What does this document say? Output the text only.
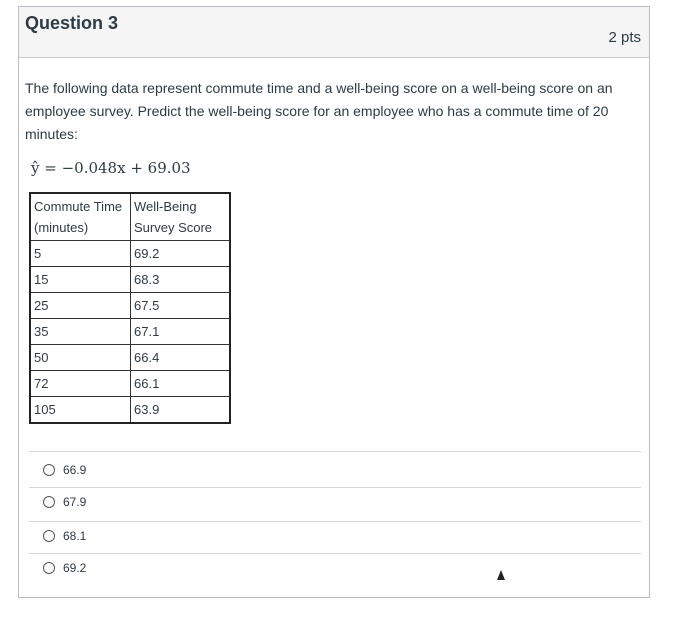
Question 3
2 pts
The following data represent commute time and a well-being score on a well-being score on an employee survey. Predict the well-being score for an employee who has a commute time of 20 minutes:
ŷ = −0.048x + 69.03
Commute Time (minutes)	Well-Being Survey Score
5	69.2
15	68.3
25	67.5
35	67.1
50	66.4
72	66.1
105	63.9
66.9
67.9
68.1
69.2
